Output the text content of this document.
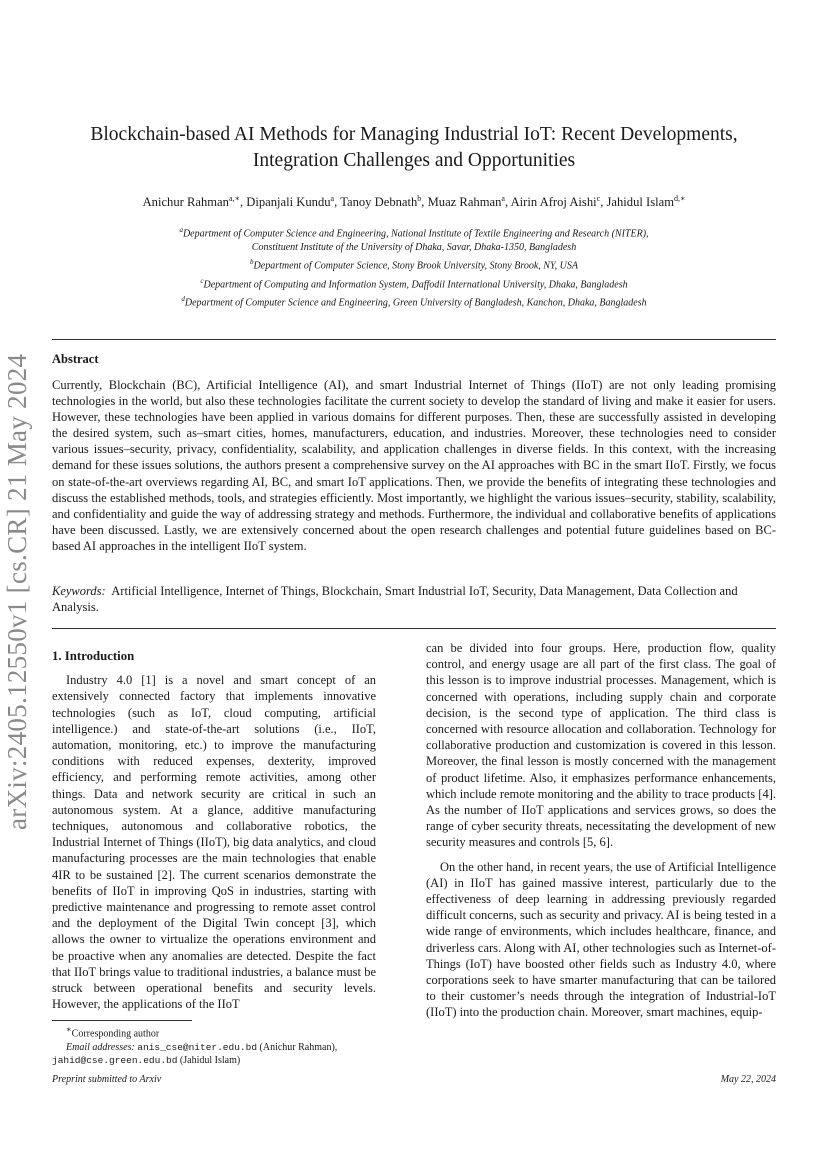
arXiv:2405.12550v1 [cs.CR] 21 May 2024
Blockchain-based AI Methods for Managing Industrial IoT: Recent Developments,
Integration Challenges and Opportunities
Anichur Rahman$^{a,∗}$, Dipanjali Kundu$^a$, Tanoy Debnath$^b$, Muaz Rahman$^a$, Airin Afroj Aishi$^c$, Jahidul Islam$^{d,∗}$
$^a$Department of Computer Science and Engineering, National Institute of Textile Engineering and Research (NITER),
Constituent Institute of the University of Dhaka, Savar, Dhaka-1350, Bangladesh
$^b$Department of Computer Science, Stony Brook University, Stony Brook, NY, USA
$^c$Department of Computing and Information System, Daffodil International University, Dhaka, Bangladesh
$^d$Department of Computer Science and Engineering, Green University of Bangladesh, Kanchon, Dhaka, Bangladesh
Abstract
Currently, Blockchain (BC), Artificial Intelligence (AI), and smart Industrial Internet of Things (IIoT) are not only leading promising technologies in the world, but also these technologies facilitate the current society to develop the standard of living and make it easier for users. However, these technologies have been applied in various domains for different purposes. Then, these are successfully assisted in developing the desired system, such as–smart cities, homes, manufacturers, education, and industries. Moreover, these technologies need to consider various issues–security, privacy, confidentiality, scalability, and application challenges in diverse fields. In this context, with the increasing demand for these issues solutions, the authors present a comprehensive survey on the AI approaches with BC in the smart IIoT. Firstly, we focus on state-of-the-art overviews regarding AI, BC, and smart IoT applications. Then, we provide the benefits of integrating these technologies and discuss the established methods, tools, and strategies efficiently. Most importantly, we highlight the various issues–security, stability, scalability, and confidentiality and guide the way of addressing strategy and methods. Furthermore, the individual and collaborative benefits of applications have been discussed. Lastly, we are extensively concerned about the open research challenges and potential future guidelines based on BC-based AI approaches in the intelligent IIoT system.
Keywords: Artificial Intelligence, Internet of Things, Blockchain, Smart Industrial IoT, Security, Data Management, Data Collection and Analysis.
1. Introduction

Industry 4.0 [1] is a novel and smart concept of an extensively connected factory that implements innovative technologies (such as IoT, cloud computing, artificial intelligence.) and state-of-the-art solutions (i.e., IIoT, automation, monitoring, etc.) to improve the manufacturing conditions with reduced expenses, dexterity, improved efficiency, and performing remote activities, among other things. Data and network security are critical in such an autonomous system. At a glance, additive manufacturing techniques, autonomous and collaborative robotics, the Industrial Internet of Things (IIoT), big data analytics, and cloud manufacturing processes are the main technologies that enable 4IR to be sustained [2]. The current scenarios demonstrate the benefits of IIoT in improving QoS in industries, starting with predictive maintenance and progressing to remote asset control and the deployment of the Digital Twin concept [3], which allows the owner to virtualize the operations environment and be proactive when any anomalies are detected. Despite the fact that IIoT brings value to traditional industries, a balance must be struck between operational benefits and security levels. However, the applications of the IIoT

can be divided into four groups. Here, production flow, quality control, and energy usage are all part of the first class. The goal of this lesson is to improve industrial processes. Management, which is concerned with operations, including supply chain and corporate decision, is the second type of application. The third class is concerned with resource allocation and collaboration. Technology for collaborative production and customization is covered in this lesson. Moreover, the final lesson is mostly concerned with the management of product lifetime. Also, it emphasizes performance enhancements, which include remote monitoring and the ability to trace products [4]. As the number of IIoT applications and services grows, so does the range of cyber security threats, necessitating the development of new security measures and controls [5, 6].

On the other hand, in recent years, the use of Artificial Intelligence (AI) in IIoT has gained massive interest, particularly due to the effectiveness of deep learning in addressing previously regarded difficult concerns, such as security and privacy. AI is being tested in a wide range of environments, which includes healthcare, finance, and driverless cars. Along with AI, other technologies such as Internet-of-Things (IoT) have boosted other fields such as Industry 4.0, where corporations seek to have smarter manufacturing that can be tailored to their customer’s needs through the integration of Industrial-IoT (IIoT) into the production chain. Moreover, smart machines, equip-

∗Corresponding author
Email addresses: anis_cse@niter.edu.bd (Anichur Rahman),
jahid@cse.green.edu.bd (Jahidul Islam)
Preprint submitted to Arxiv	May 22, 2024
